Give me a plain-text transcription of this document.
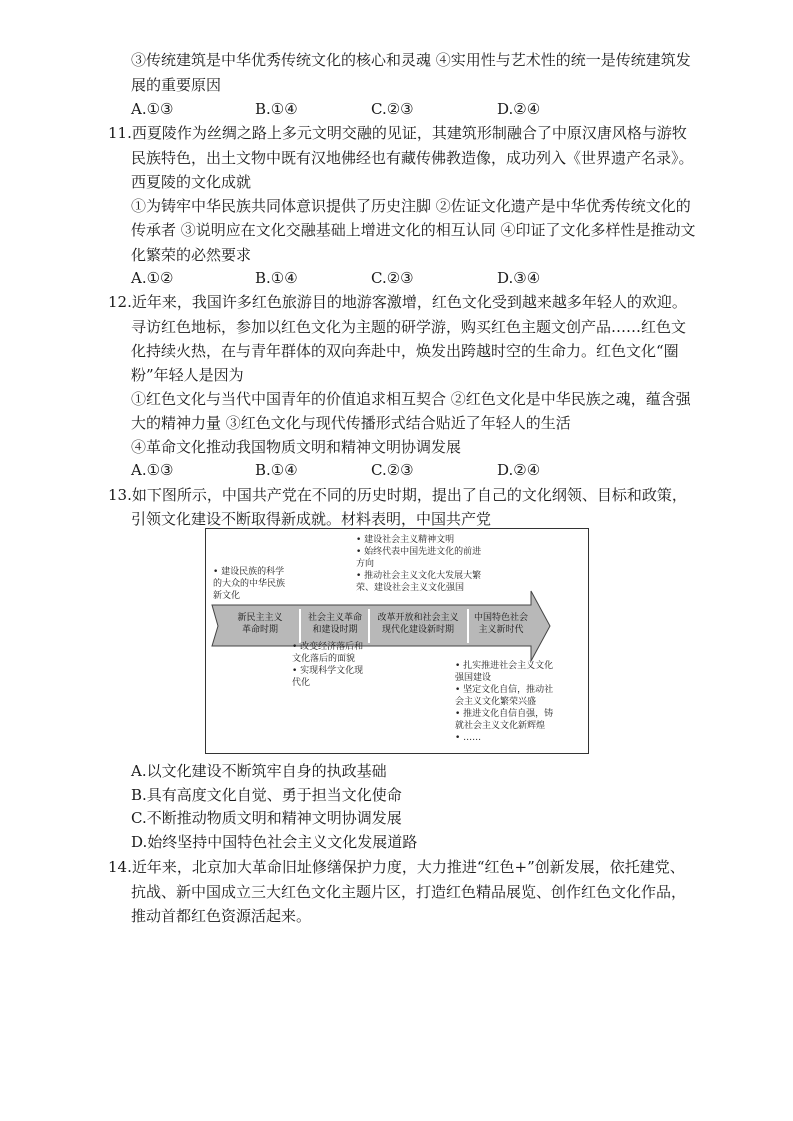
③传统建筑是中华优秀传统文化的核心和灵魂 ④实用性与艺术性的统一是传统建筑发
展的重要原因
A.①③	B.①④	C.②③	D.②④
11.西夏陵作为丝绸之路上多元文明交融的见证，其建筑形制融合了中原汉唐风格与游牧
民族特色，出土文物中既有汉地佛经也有藏传佛教造像，成功列入《世界遗产名录》。
西夏陵的文化成就
①为铸牢中华民族共同体意识提供了历史注脚 ②佐证文化遗产是中华优秀传统文化的
传承者 ③说明应在文化交融基础上增进文化的相互认同 ④印证了文化多样性是推动文
化繁荣的必然要求
A.①②	B.①④	C.②③	D.③④
12.近年来，我国许多红色旅游目的地游客激增，红色文化受到越来越多年轻人的欢迎。
寻访红色地标，参加以红色文化为主题的研学游，购买红色主题文创产品……红色文
化持续火热，在与青年群体的双向奔赴中，焕发出跨越时空的生命力。红色文化“圈
粉”年轻人是因为
①红色文化与当代中国青年的价值追求相互契合 ②红色文化是中华民族之魂，蕴含强
大的精神力量 ③红色文化与现代传播形式结合贴近了年轻人的生活
④革命文化推动我国物质文明和精神文明协调发展
A.①③	B.①④	C.②③	D.②④
13.如下图所示，中国共产党在不同的历史时期，提出了自己的文化纲领、目标和政策，
引领文化建设不断取得新成就。材料表明，中国共产党
新民主主义
革命时期
社会主义革命
和建设时期
改革开放和社会主义
现代化建设新时期
中国特色社会
主义新时代
• 建设民族的科学
的大众的中华民族
新文化
• 建设社会主义精神文明
• 始终代表中国先进文化的前进
方向
• 推动社会主义文化大发展大繁
荣、建设社会主义文化强国
• 改变经济落后和
文化落后的面貌
• 实现科学文化现
代化
• 扎实推进社会主义文化
强国建设
• 坚定文化自信，推动社
会主义文化繁荣兴盛
• 推进文化自信自强，铸
就社会主义文化新辉煌
• ……
A.以文化建设不断筑牢自身的执政基础
B.具有高度文化自觉、勇于担当文化使命
C.不断推动物质文明和精神文明协调发展
D.始终坚持中国特色社会主义文化发展道路
14.近年来，北京加大革命旧址修缮保护力度，大力推进“红色+”创新发展，依托建党、
抗战、新中国成立三大红色文化主题片区，打造红色精品展览、创作红色文化作品，
推动首都红色资源活起来。
